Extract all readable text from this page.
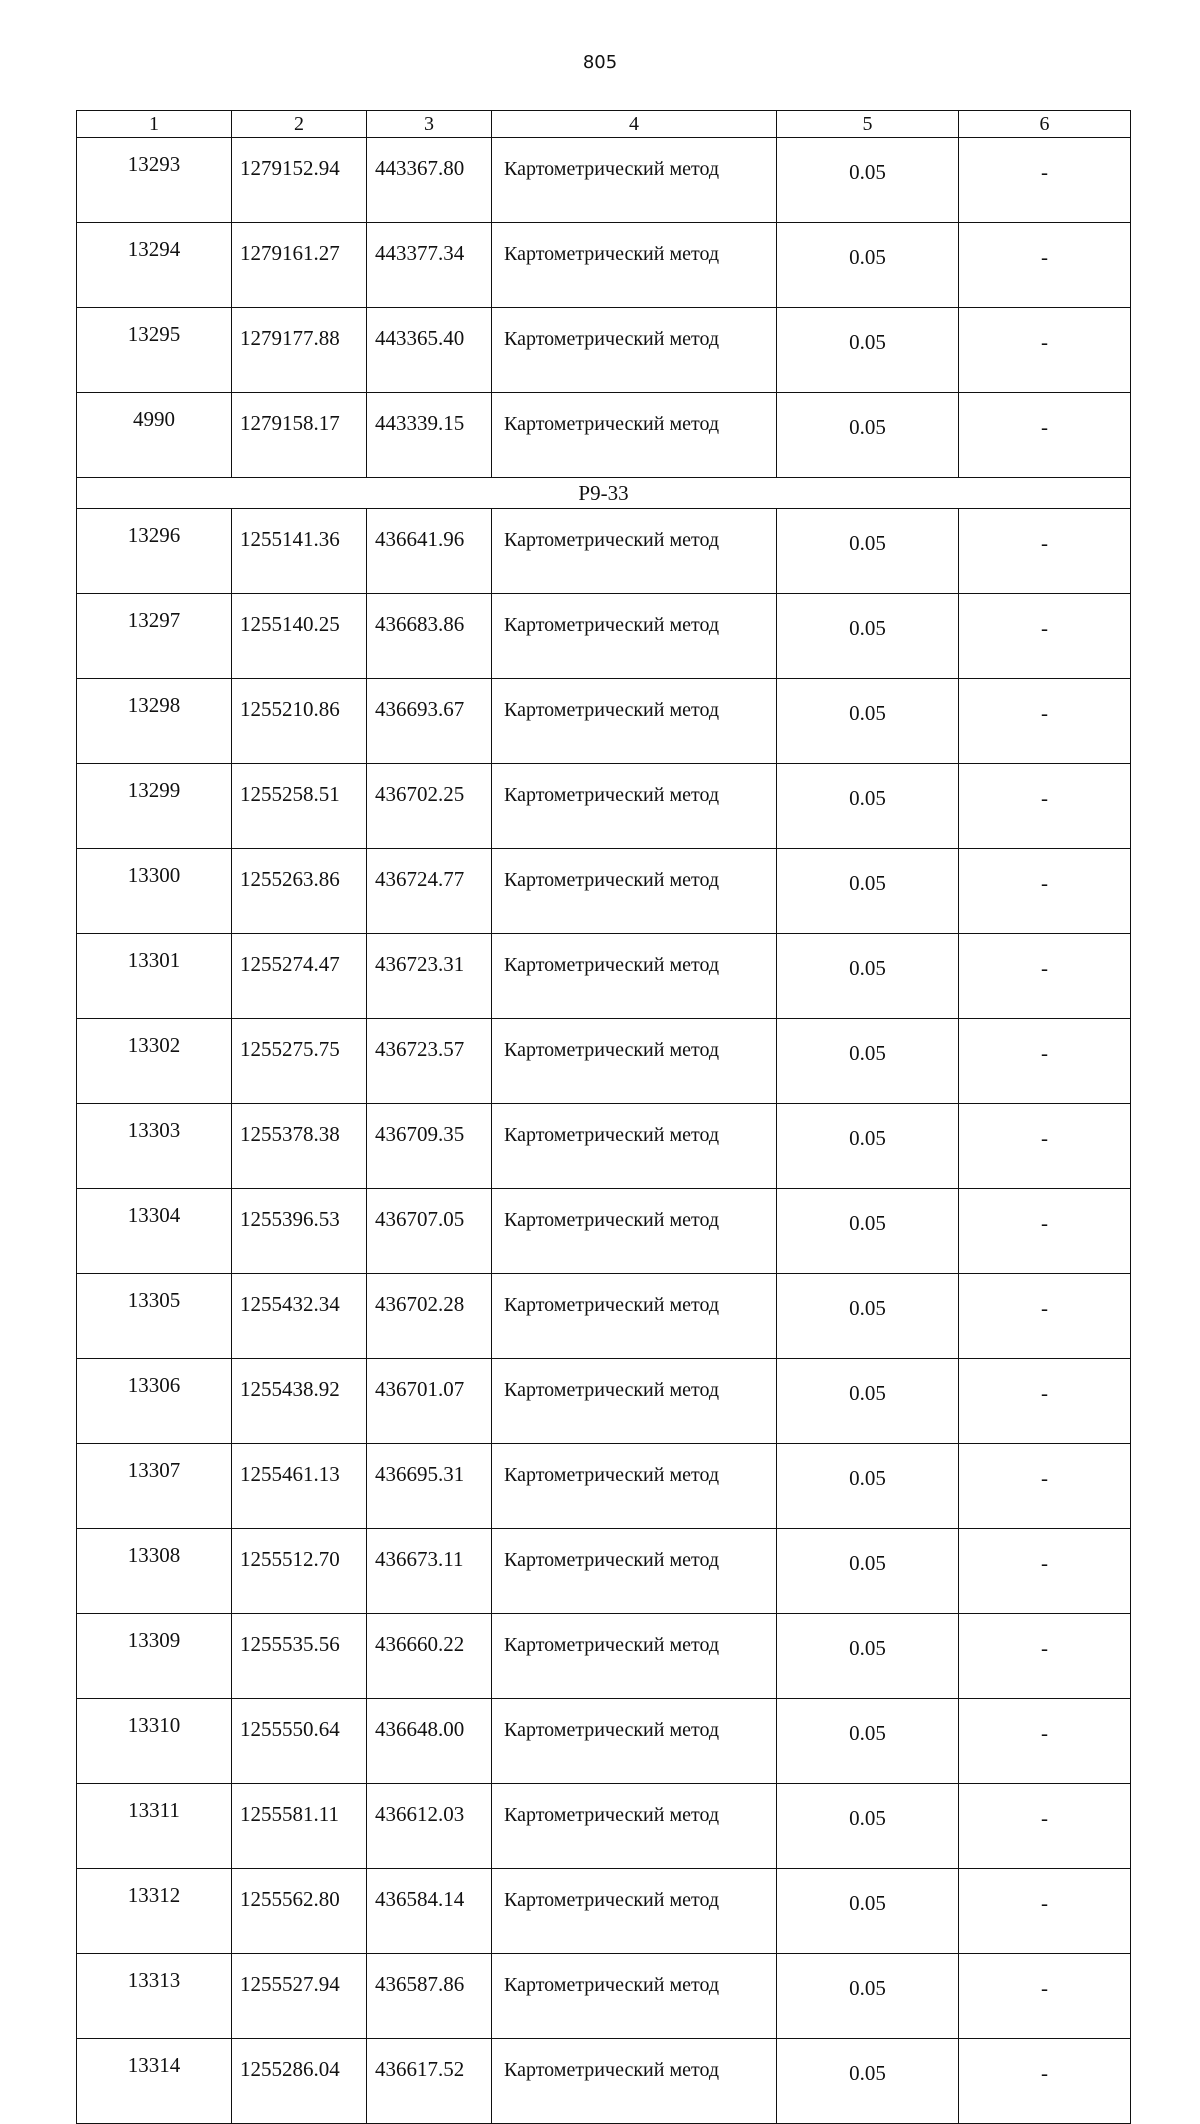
805
1	2	3	4	5	6
13293	1279152.94	443367.80	Картометрический метод	0.05	-
13294	1279161.27	443377.34	Картометрический метод	0.05	-
13295	1279177.88	443365.40	Картометрический метод	0.05	-
4990	1279158.17	443339.15	Картометрический метод	0.05	-
Р9-33					
13296	1255141.36	436641.96	Картометрический метод	0.05	-
13297	1255140.25	436683.86	Картометрический метод	0.05	-
13298	1255210.86	436693.67	Картометрический метод	0.05	-
13299	1255258.51	436702.25	Картометрический метод	0.05	-
13300	1255263.86	436724.77	Картометрический метод	0.05	-
13301	1255274.47	436723.31	Картометрический метод	0.05	-
13302	1255275.75	436723.57	Картометрический метод	0.05	-
13303	1255378.38	436709.35	Картометрический метод	0.05	-
13304	1255396.53	436707.05	Картометрический метод	0.05	-
13305	1255432.34	436702.28	Картометрический метод	0.05	-
13306	1255438.92	436701.07	Картометрический метод	0.05	-
13307	1255461.13	436695.31	Картометрический метод	0.05	-
13308	1255512.70	436673.11	Картометрический метод	0.05	-
13309	1255535.56	436660.22	Картометрический метод	0.05	-
13310	1255550.64	436648.00	Картометрический метод	0.05	-
13311	1255581.11	436612.03	Картометрический метод	0.05	-
13312	1255562.80	436584.14	Картометрический метод	0.05	-
13313	1255527.94	436587.86	Картометрический метод	0.05	-
13314	1255286.04	436617.52	Картометрический метод	0.05	-
